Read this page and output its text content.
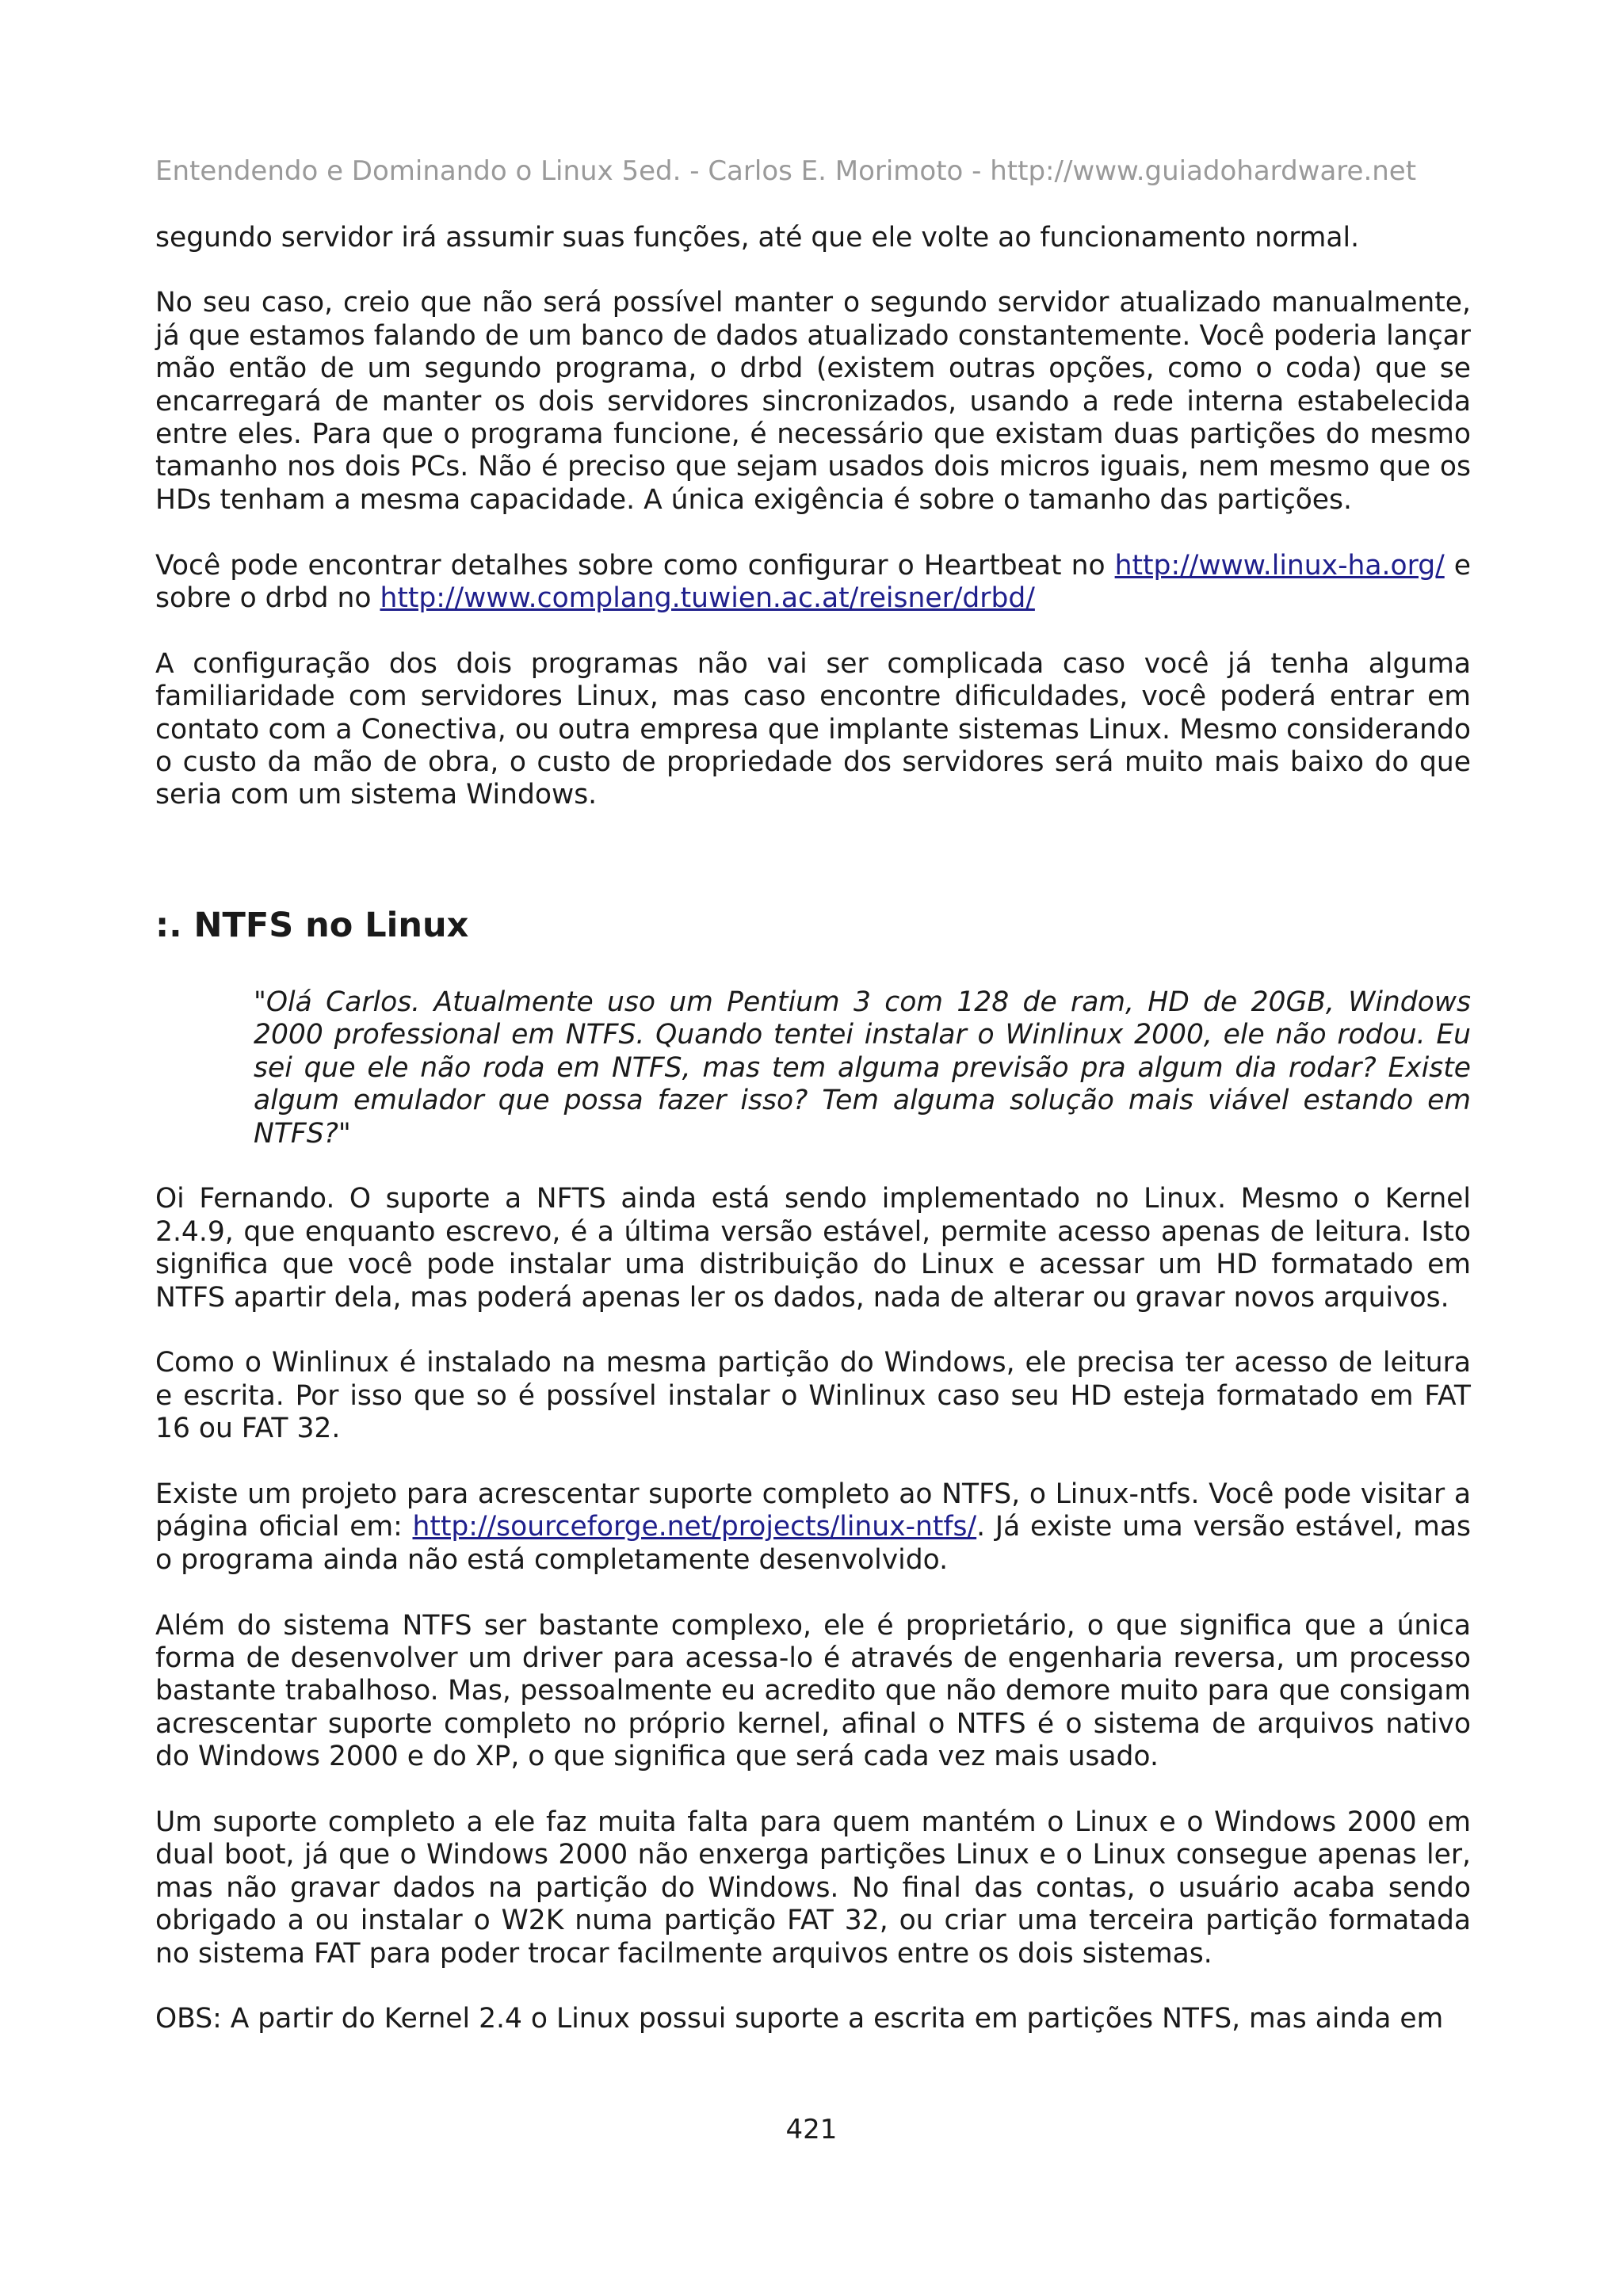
Entendendo e Dominando o Linux 5ed. - Carlos E. Morimoto - http://www.guiadohardware.net

segundo servidor irá assumir suas funções, até que ele volte ao funcionamento normal.

No seu caso, creio que não será possível manter o segundo servidor atualizado manualmente, já que estamos falando de um banco de dados atualizado constantemente. Você poderia lançar mão então de um segundo programa, o drbd (existem outras opções, como o coda) que se encarregará de manter os dois servidores sincronizados, usando a rede interna estabelecida entre eles. Para que o programa funcione, é necessário que existam duas partições do mesmo tamanho nos dois PCs. Não é preciso que sejam usados dois micros iguais, nem mesmo que os HDs tenham a mesma capacidade. A única exigência é sobre o tamanho das partições.

Você pode encontrar detalhes sobre como configurar o Heartbeat no http://www.linux-ha.org/ e sobre o drbd no http://www.complang.tuwien.ac.at/reisner/drbd/

A configuração dos dois programas não vai ser complicada caso você já tenha alguma familiaridade com servidores Linux, mas caso encontre dificuldades, você poderá entrar em contato com a Conectiva, ou outra empresa que implante sistemas Linux. Mesmo considerando o custo da mão de obra, o custo de propriedade dos servidores será muito mais baixo do que seria com um sistema Windows.

:. NTFS no Linux

"Olá Carlos. Atualmente uso um Pentium 3 com 128 de ram, HD de 20GB, Windows 2000 professional em NTFS. Quando tentei instalar o Winlinux 2000, ele não rodou. Eu sei que ele não roda em NTFS, mas tem alguma previsão pra algum dia rodar? Existe algum emulador que possa fazer isso? Tem alguma solução mais viável estando em NTFS?"

Oi Fernando. O suporte a NFTS ainda está sendo implementado no Linux. Mesmo o Kernel 2.4.9, que enquanto escrevo, é a última versão estável, permite acesso apenas de leitura. Isto significa que você pode instalar uma distribuição do Linux e acessar um HD formatado em NTFS apartir dela, mas poderá apenas ler os dados, nada de alterar ou gravar novos arquivos.

Como o Winlinux é instalado na mesma partição do Windows, ele precisa ter acesso de leitura e escrita. Por isso que so é possível instalar o Winlinux caso seu HD esteja formatado em FAT 16 ou FAT 32.

Existe um projeto para acrescentar suporte completo ao NTFS, o Linux-ntfs. Você pode visitar a página oficial em: http://sourceforge.net/projects/linux-ntfs/. Já existe uma versão estável, mas o programa ainda não está completamente desenvolvido.

Além do sistema NTFS ser bastante complexo, ele é proprietário, o que significa que a única forma de desenvolver um driver para acessa-lo é através de engenharia reversa, um processo bastante trabalhoso. Mas, pessoalmente eu acredito que não demore muito para que consigam acrescentar suporte completo no próprio kernel, afinal o NTFS é o sistema de arquivos nativo do Windows 2000 e do XP, o que significa que será cada vez mais usado.

Um suporte completo a ele faz muita falta para quem mantém o Linux e o Windows 2000 em dual boot, já que o Windows 2000 não enxerga partições Linux e o Linux consegue apenas ler, mas não gravar dados na partição do Windows. No final das contas, o usuário acaba sendo obrigado a ou instalar o W2K numa partição FAT 32, ou criar uma terceira partição formatada no sistema FAT para poder trocar facilmente arquivos entre os dois sistemas.

OBS: A partir do Kernel 2.4 o Linux possui suporte a escrita em partições NTFS, mas ainda em

421
